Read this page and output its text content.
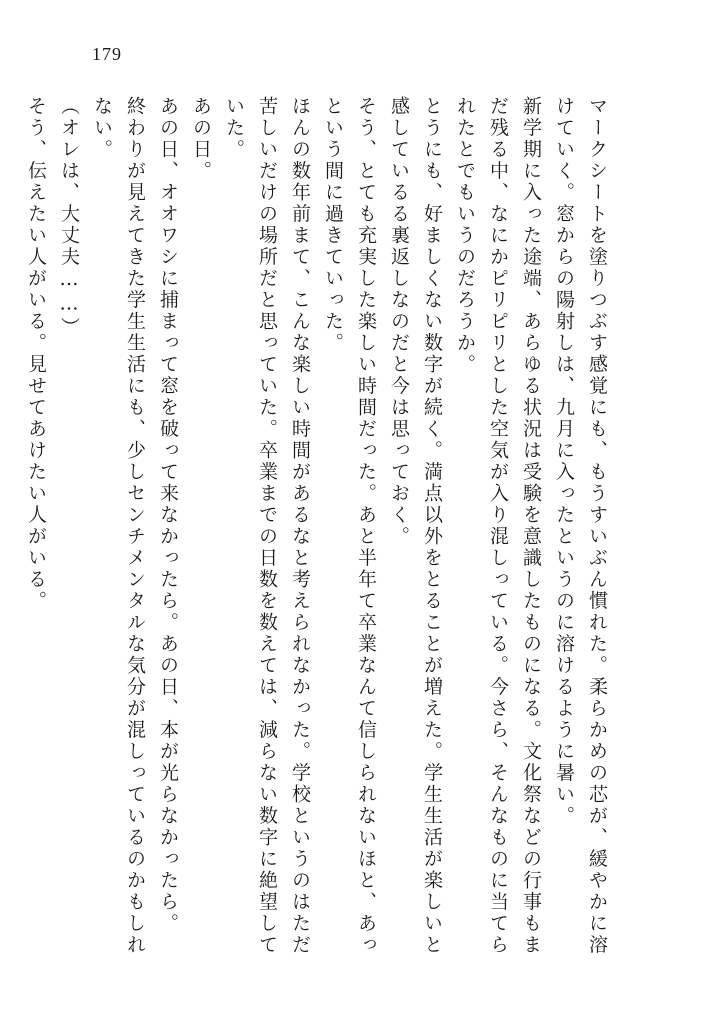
179

マークシートを塗りつぶす感覚にも、もうすいぶん慣れた。柔らかめの芯が、緩やかに溶けていく。窓からの陽射しは、九月に入ったというのに溶けるように暑い。

新学期に入った途端、あらゆる状況は受験を意識したものになる。文化祭などの行事もまだ残る中、なにかピリピリとした空気が入り混しっている。今さら、そんなものに当てられたとでもいうのだろうか。

とうにも、好ましくない数字が続く。満点以外をとることが増えた。学生生活が楽しいと感しているる裏返しなのだと今は思っておく。

そう、とても充実した楽しい時間だった。あと半年て卒業なんて信しられないほと、あっという間に過きていった。

ほんの数年前まて、こんな楽しい時間があるなと考えられなかった。学校というのはただ苦しいだけの場所だと思っていた。卒業までの日数を数えては、減らない数字に絶望していた。

あの日。

あの日、オオワシに捕まって窓を破って来なかったら。あの日、本が光らなかったら。

終わりが見えてきた学生生活にも、少しセンチメンタルな気分が混しっているのかもしれない。

（オレは、大丈夫……）

そう、伝えたい人がいる。見せてあけたい人がいる。
